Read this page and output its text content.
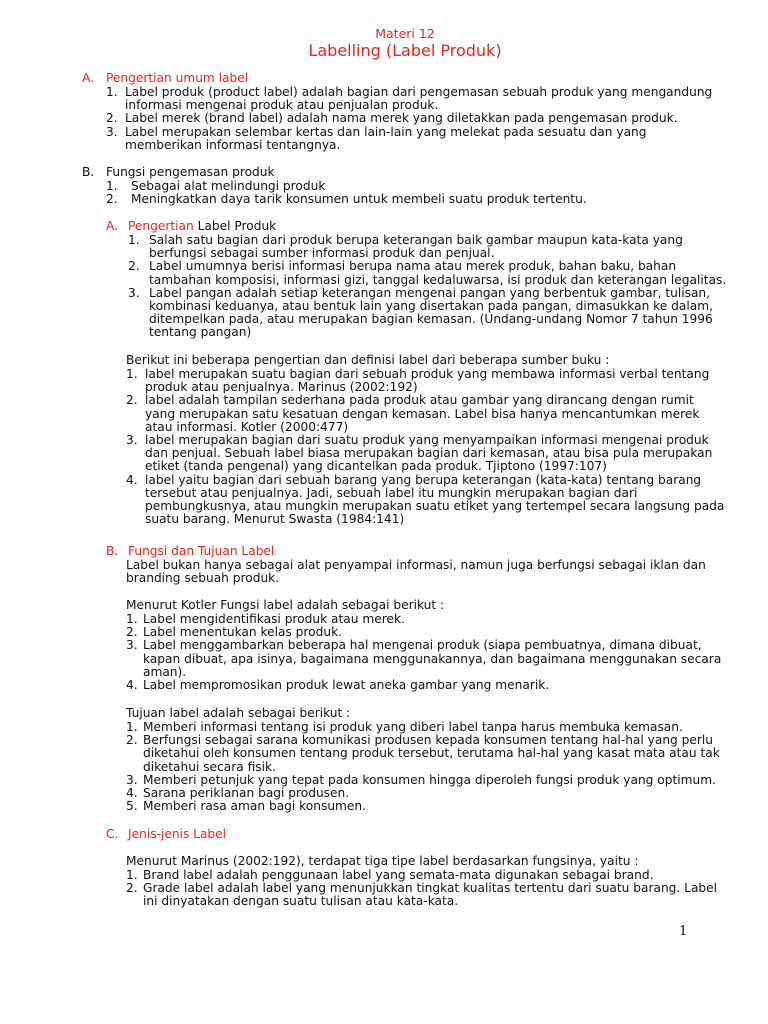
Materi 12
Labelling (Label Produk)
A. Pengertian umum label
1. Label produk (product label) adalah bagian dari pengemasan sebuah produk yang mengandung informasi mengenai produk atau penjualan produk.
2. Label merek (brand label) adalah nama merek yang diletakkan pada pengemasan produk.
3. Label merupakan selembar kertas dan lain-lain yang melekat pada sesuatu dan yang memberikan informasi tentangnya.
B. Fungsi pengemasan produk
1.	Sebagai alat melindungi produk
2.	Meningkatkan daya tarik konsumen untuk membeli suatu produk tertentu.
A. Pengertian Label Produk
1. Salah satu bagian dari produk berupa keterangan baik gambar maupun kata-kata yang berfungsi sebagai sumber informasi produk dan penjual.
2. Label umumnya berisi informasi berupa nama atau merek produk, bahan baku, bahan tambahan komposisi, informasi gizi, tanggal kedaluwarsa, isi produk dan keterangan legalitas.
3. Label pangan adalah setiap keterangan mengenai pangan yang berbentuk gambar, tulisan, kombinasi keduanya, atau bentuk lain yang disertakan pada pangan, dimasukkan ke dalam, ditempelkan pada, atau merupakan bagian kemasan. (Undang-undang Nomor 7 tahun 1996 tentang pangan)
Berikut ini beberapa pengertian dan definisi label dari beberapa sumber buku :
1. label merupakan suatu bagian dari sebuah produk yang membawa informasi verbal tentang produk atau penjualnya. Marinus (2002:192)
2. label adalah tampilan sederhana pada produk atau gambar yang dirancang dengan rumit yang merupakan satu kesatuan dengan kemasan. Label bisa hanya mencantumkan merek atau informasi. Kotler (2000:477)
3. label merupakan bagian dari suatu produk yang menyampaikan informasi mengenai produk dan penjual. Sebuah label biasa merupakan bagian dari kemasan, atau bisa pula merupakan etiket (tanda pengenal) yang dicantelkan pada produk. Tjiptono (1997:107)
4. label yaitu bagian dari sebuah barang yang berupa keterangan (kata-kata) tentang barang tersebut atau penjualnya. Jadi, sebuah label itu mungkin merupakan bagian dari pembungkusnya, atau mungkin merupakan suatu etiket yang tertempel secara langsung pada suatu barang. Menurut Swasta (1984:141)
B. Fungsi dan Tujuan Label
Label bukan hanya sebagai alat penyampai informasi, namun juga berfungsi sebagai iklan dan branding sebuah produk.
Menurut Kotler Fungsi label adalah sebagai berikut :
1. Label mengidentifikasi produk atau merek.
2. Label menentukan kelas produk.
3. Label menggambarkan beberapa hal mengenai produk (siapa pembuatnya, dimana dibuat, kapan dibuat, apa isinya, bagaimana menggunakannya, dan bagaimana menggunakan secara aman).
4. Label mempromosikan produk lewat aneka gambar yang menarik.
Tujuan label adalah sebagai berikut :
1. Memberi informasi tentang isi produk yang diberi label tanpa harus membuka kemasan.
2. Berfungsi sebagai sarana komunikasi produsen kepada konsumen tentang hal-hal yang perlu diketahui oleh konsumen tentang produk tersebut, terutama hal-hal yang kasat mata atau tak diketahui secara fisik.
3. Memberi petunjuk yang tepat pada konsumen hingga diperoleh fungsi produk yang optimum.
4. Sarana periklanan bagi produsen.
5. Memberi rasa aman bagi konsumen.
C. Jenis-jenis Label
Menurut Marinus (2002:192), terdapat tiga tipe label berdasarkan fungsinya, yaitu :
1. Brand label adalah penggunaan label yang semata-mata digunakan sebagai brand.
2. Grade label adalah label yang menunjukkan tingkat kualitas tertentu dari suatu barang. Label ini dinyatakan dengan suatu tulisan atau kata-kata.
1
